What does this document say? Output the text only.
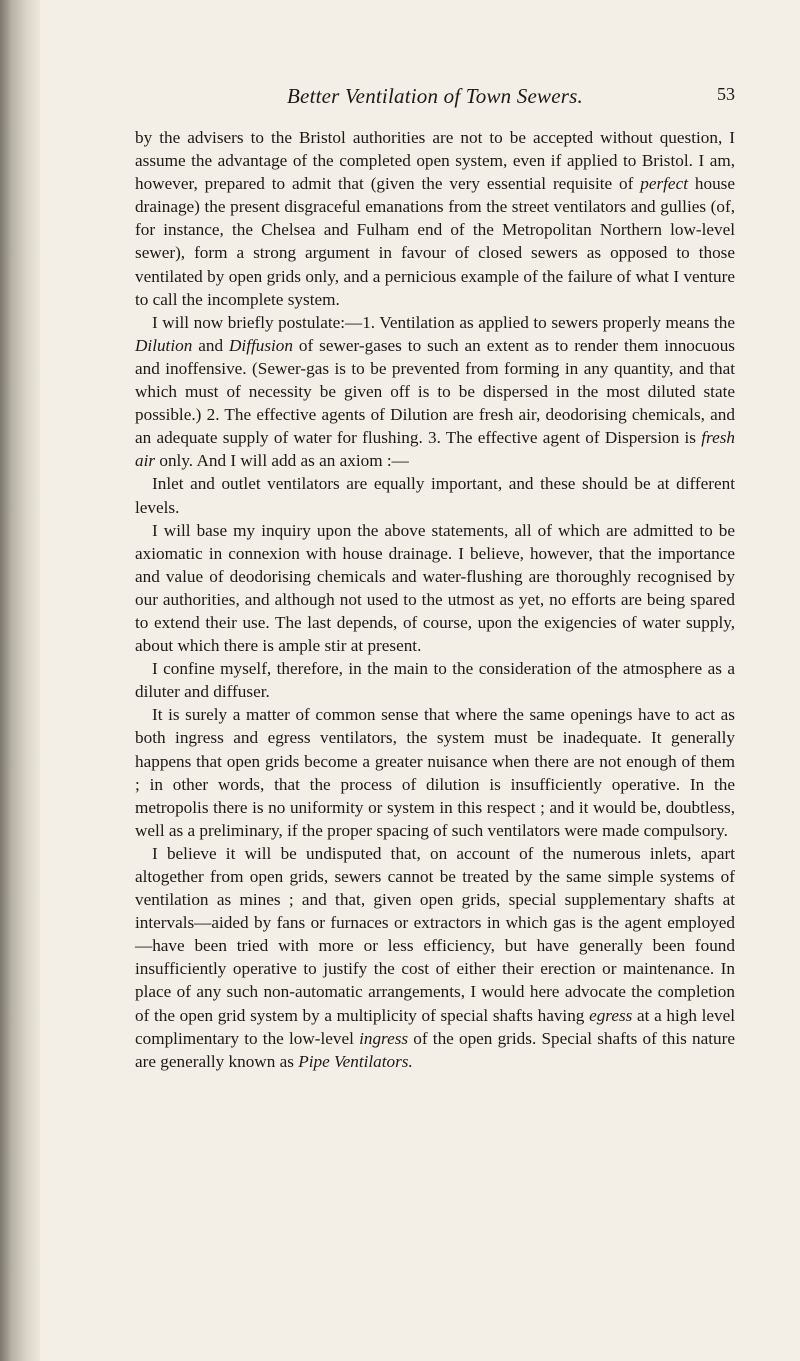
Better Ventilation of Town Sewers.	53

by the advisers to the Bristol authorities are not to be accepted without question, I assume the advantage of the completed open system, even if applied to Bristol. I am, however, prepared to admit that (given the very essential requisite of perfect house drainage) the present disgraceful emanations from the street ventilators and gullies (of, for instance, the Chelsea and Fulham end of the Metropolitan Northern low-level sewer), form a strong argument in favour of closed sewers as opposed to those ventilated by open grids only, and a pernicious example of the failure of what I venture to call the incomplete system.

I will now briefly postulate:—1. Ventilation as applied to sewers properly means the Dilution and Diffusion of sewer-gases to such an extent as to render them innocuous and inoffensive. (Sewer-gas is to be prevented from forming in any quantity, and that which must of necessity be given off is to be dispersed in the most diluted state possible.) 2. The effective agents of Dilution are fresh air, deodorising chemicals, and an adequate supply of water for flushing. 3. The effective agent of Dispersion is fresh air only. And I will add as an axiom :—

Inlet and outlet ventilators are equally important, and these should be at different levels.

I will base my inquiry upon the above statements, all of which are admitted to be axiomatic in connexion with house drainage. I believe, however, that the importance and value of deodorising chemicals and water-flushing are thoroughly recognised by our authorities, and although not used to the utmost as yet, no efforts are being spared to extend their use. The last depends, of course, upon the exigencies of water supply, about which there is ample stir at present.

I confine myself, therefore, in the main to the consideration of the atmosphere as a diluter and diffuser.

It is surely a matter of common sense that where the same openings have to act as both ingress and egress ventilators, the system must be inadequate. It generally happens that open grids become a greater nuisance when there are not enough of them ; in other words, that the process of dilution is insufficiently operative. In the metropolis there is no uniformity or system in this respect ; and it would be, doubtless, well as a preliminary, if the proper spacing of such ventilators were made compulsory.

I believe it will be undisputed that, on account of the numerous inlets, apart altogether from open grids, sewers cannot be treated by the same simple systems of ventilation as mines ; and that, given open grids, special supplementary shafts at intervals—aided by fans or furnaces or extractors in which gas is the agent employed—have been tried with more or less efficiency, but have generally been found insufficiently operative to justify the cost of either their erection or maintenance. In place of any such non-automatic arrangements, I would here advocate the completion of the open grid system by a multiplicity of special shafts having egress at a high level complimentary to the low-level ingress of the open grids. Special shafts of this nature are generally known as Pipe Ventilators.
